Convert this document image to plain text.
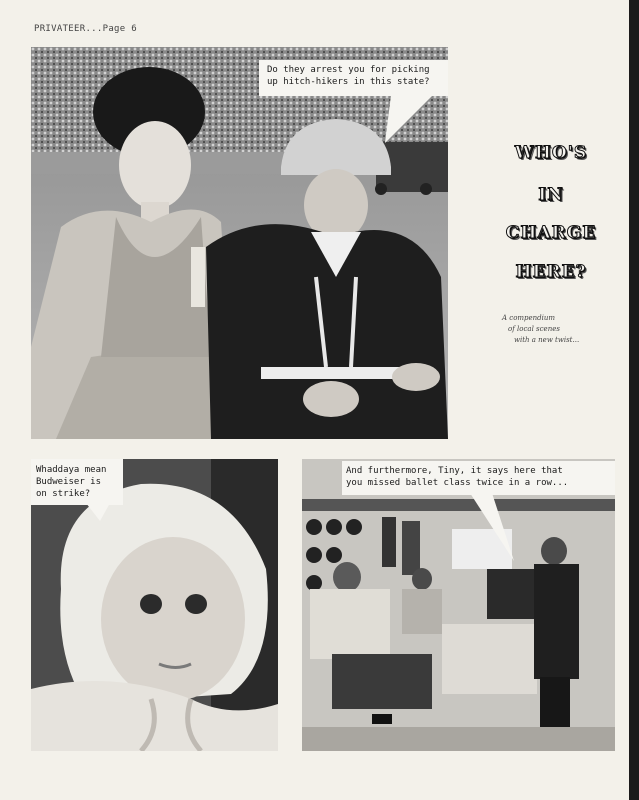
PRIVATEER...Page 6
Do they arrest you for picking
up hitch-hikers in this state?
WHO'S
IN
CHARGE
HERE?
A compendium
of local scenes
with a new twist...
Whaddaya mean
Budweiser is
on strike?
And furthermore, Tiny, it says here that
you missed ballet class twice in a row...
